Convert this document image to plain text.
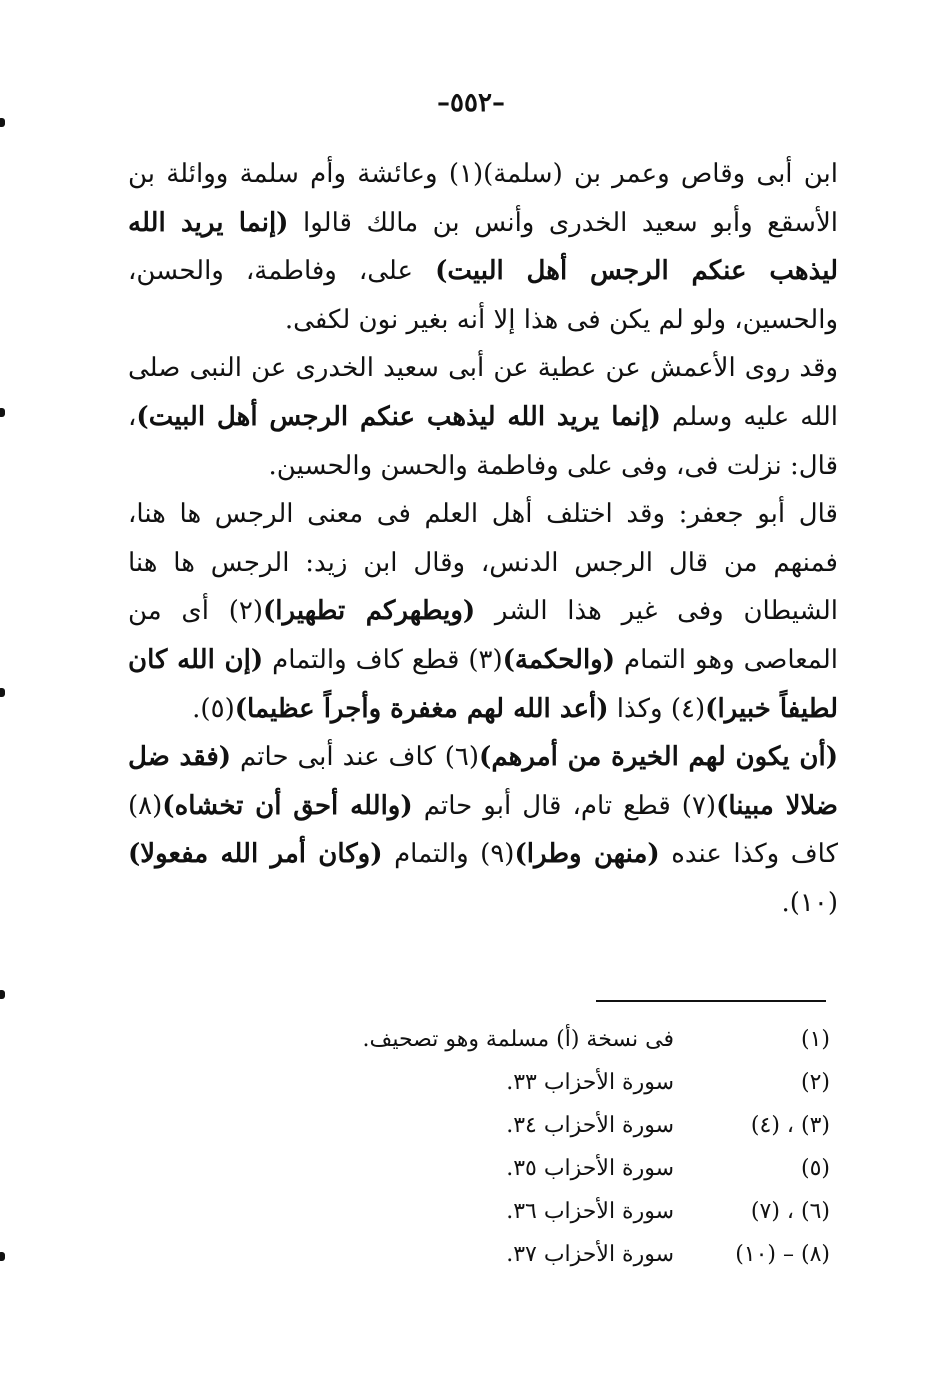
–٥٥٢–

ابن أبى وقاص وعمر بن (سلمة)(١) وعائشة وأم سلمة ووائلة بن الأسقع وأبو سعيد الخدرى وأنس بن مالك قالوا (إنما يريد الله ليذهب عنكم الرجس أهل البيت) على، وفاطمة، والحسن، والحسين، ولو لم يكن فى هذا إلا أنه بغير نون لكفى.

وقد روى الأعمش عن عطية عن أبى سعيد الخدرى عن النبى صلى الله عليه وسلم (إنما يريد الله ليذهب عنكم الرجس أهل البيت)، قال: نزلت فى، وفى على وفاطمة والحسن والحسين.

قال أبو جعفر: وقد اختلف أهل العلم فى معنى الرجس ها هنا، فمنهم من قال الرجس الدنس، وقال ابن زيد: الرجس ها هنا الشيطان وفى غير هذا الشر (ويطهركم تطهيرا)(٢) أى من المعاصى وهو التمام (والحكمة)(٣) قطع كاف والتمام (إن الله كان لطيفاً خبيرا)(٤) وكذا (أعد الله لهم مغفرة وأجراً عظيما)(٥).

(أن يكون لهم الخيرة من أمرهم)(٦) كاف عند أبى حاتم (فقد ضل ضلالا مبينا)(٧) قطع تام، قال أبو حاتم (والله أحق أن تخشاه)(٨) كاف وكذا عنده (منهن وطرا)(٩) والتمام (وكان أمر الله مفعولا)(١٠).

(١)
فى نسخة (أ) مسلمة وهو تصحيف.
(٢)
سورة الأحزاب ٣٣.
(٣) ، (٤)
سورة الأحزاب ٣٤.
(٥)
سورة الأحزاب ٣٥.
(٦) ، (٧)
سورة الأحزاب ٣٦.
(٨) – (١٠)
سورة الأحزاب ٣٧.
